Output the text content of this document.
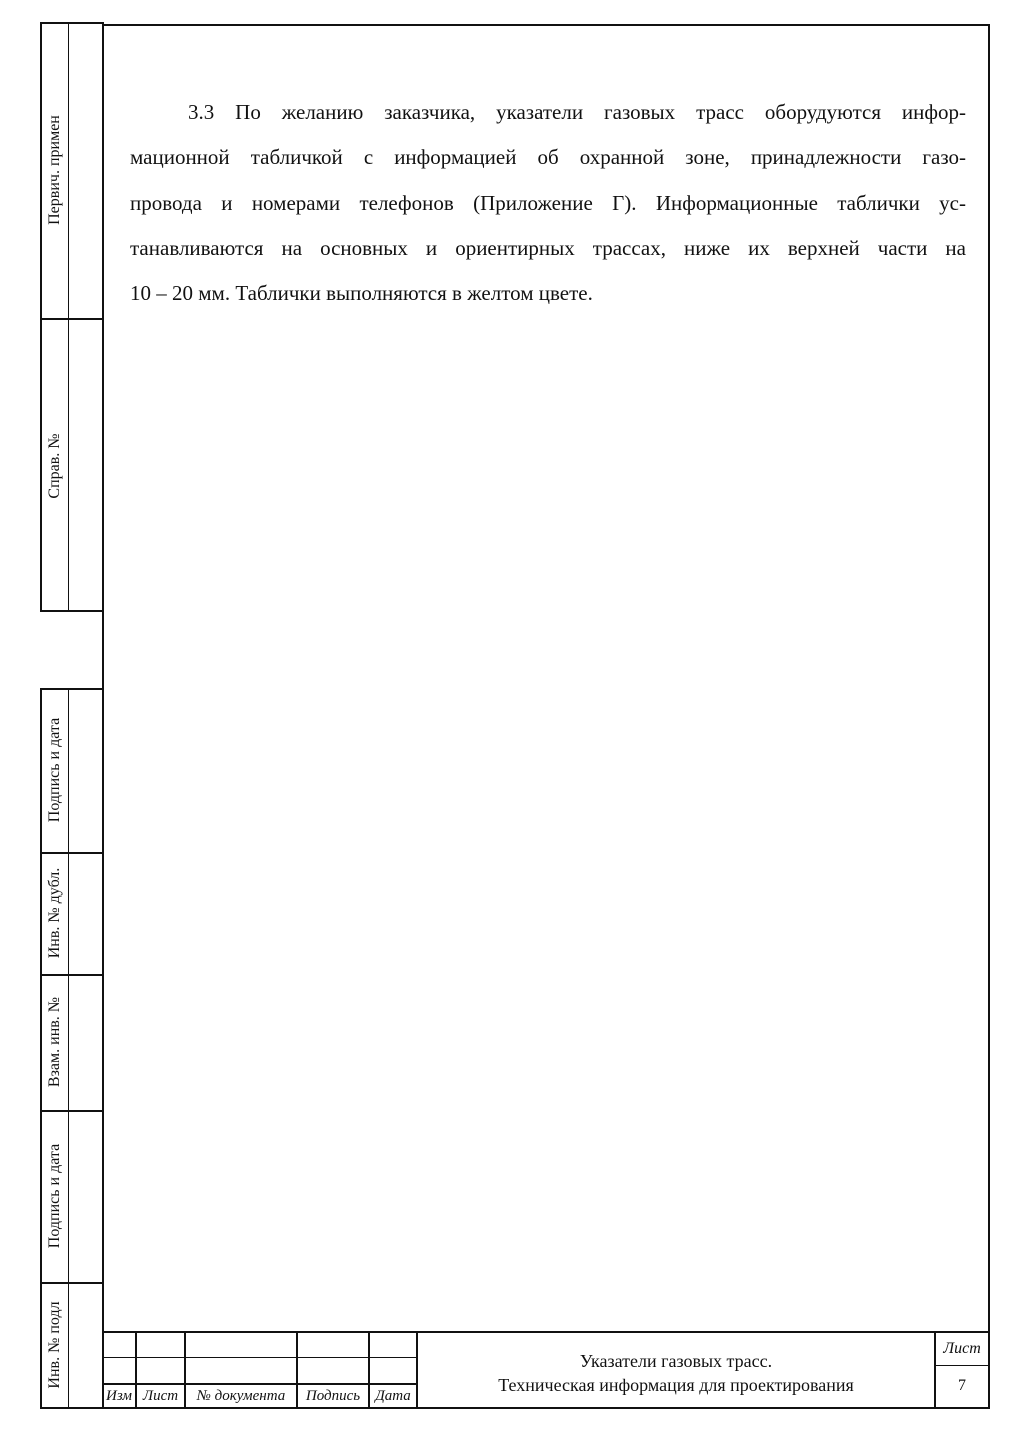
Первич. примен
Справ. №
Подпись и дата
Инв. № дубл.
Взам. инв. №
Подпись и дата
Инв. № подл
3.3 По желанию заказчика, указатели газовых трасс оборудуются инфор-
мационной табличкой с информацией об охранной зоне, принадлежности газо-
провода и номерами телефонов (Приложение Г). Информационные таблички ус-
танавливаются на основных и ориентирных трассах, ниже их верхней части на
10 – 20 мм. Таблички выполняются в желтом цвете.
Изм Лист	№ документа	Подпись	Дата
Указатели газовых трасс.
Техническая информация для проектирования
Лист
7
